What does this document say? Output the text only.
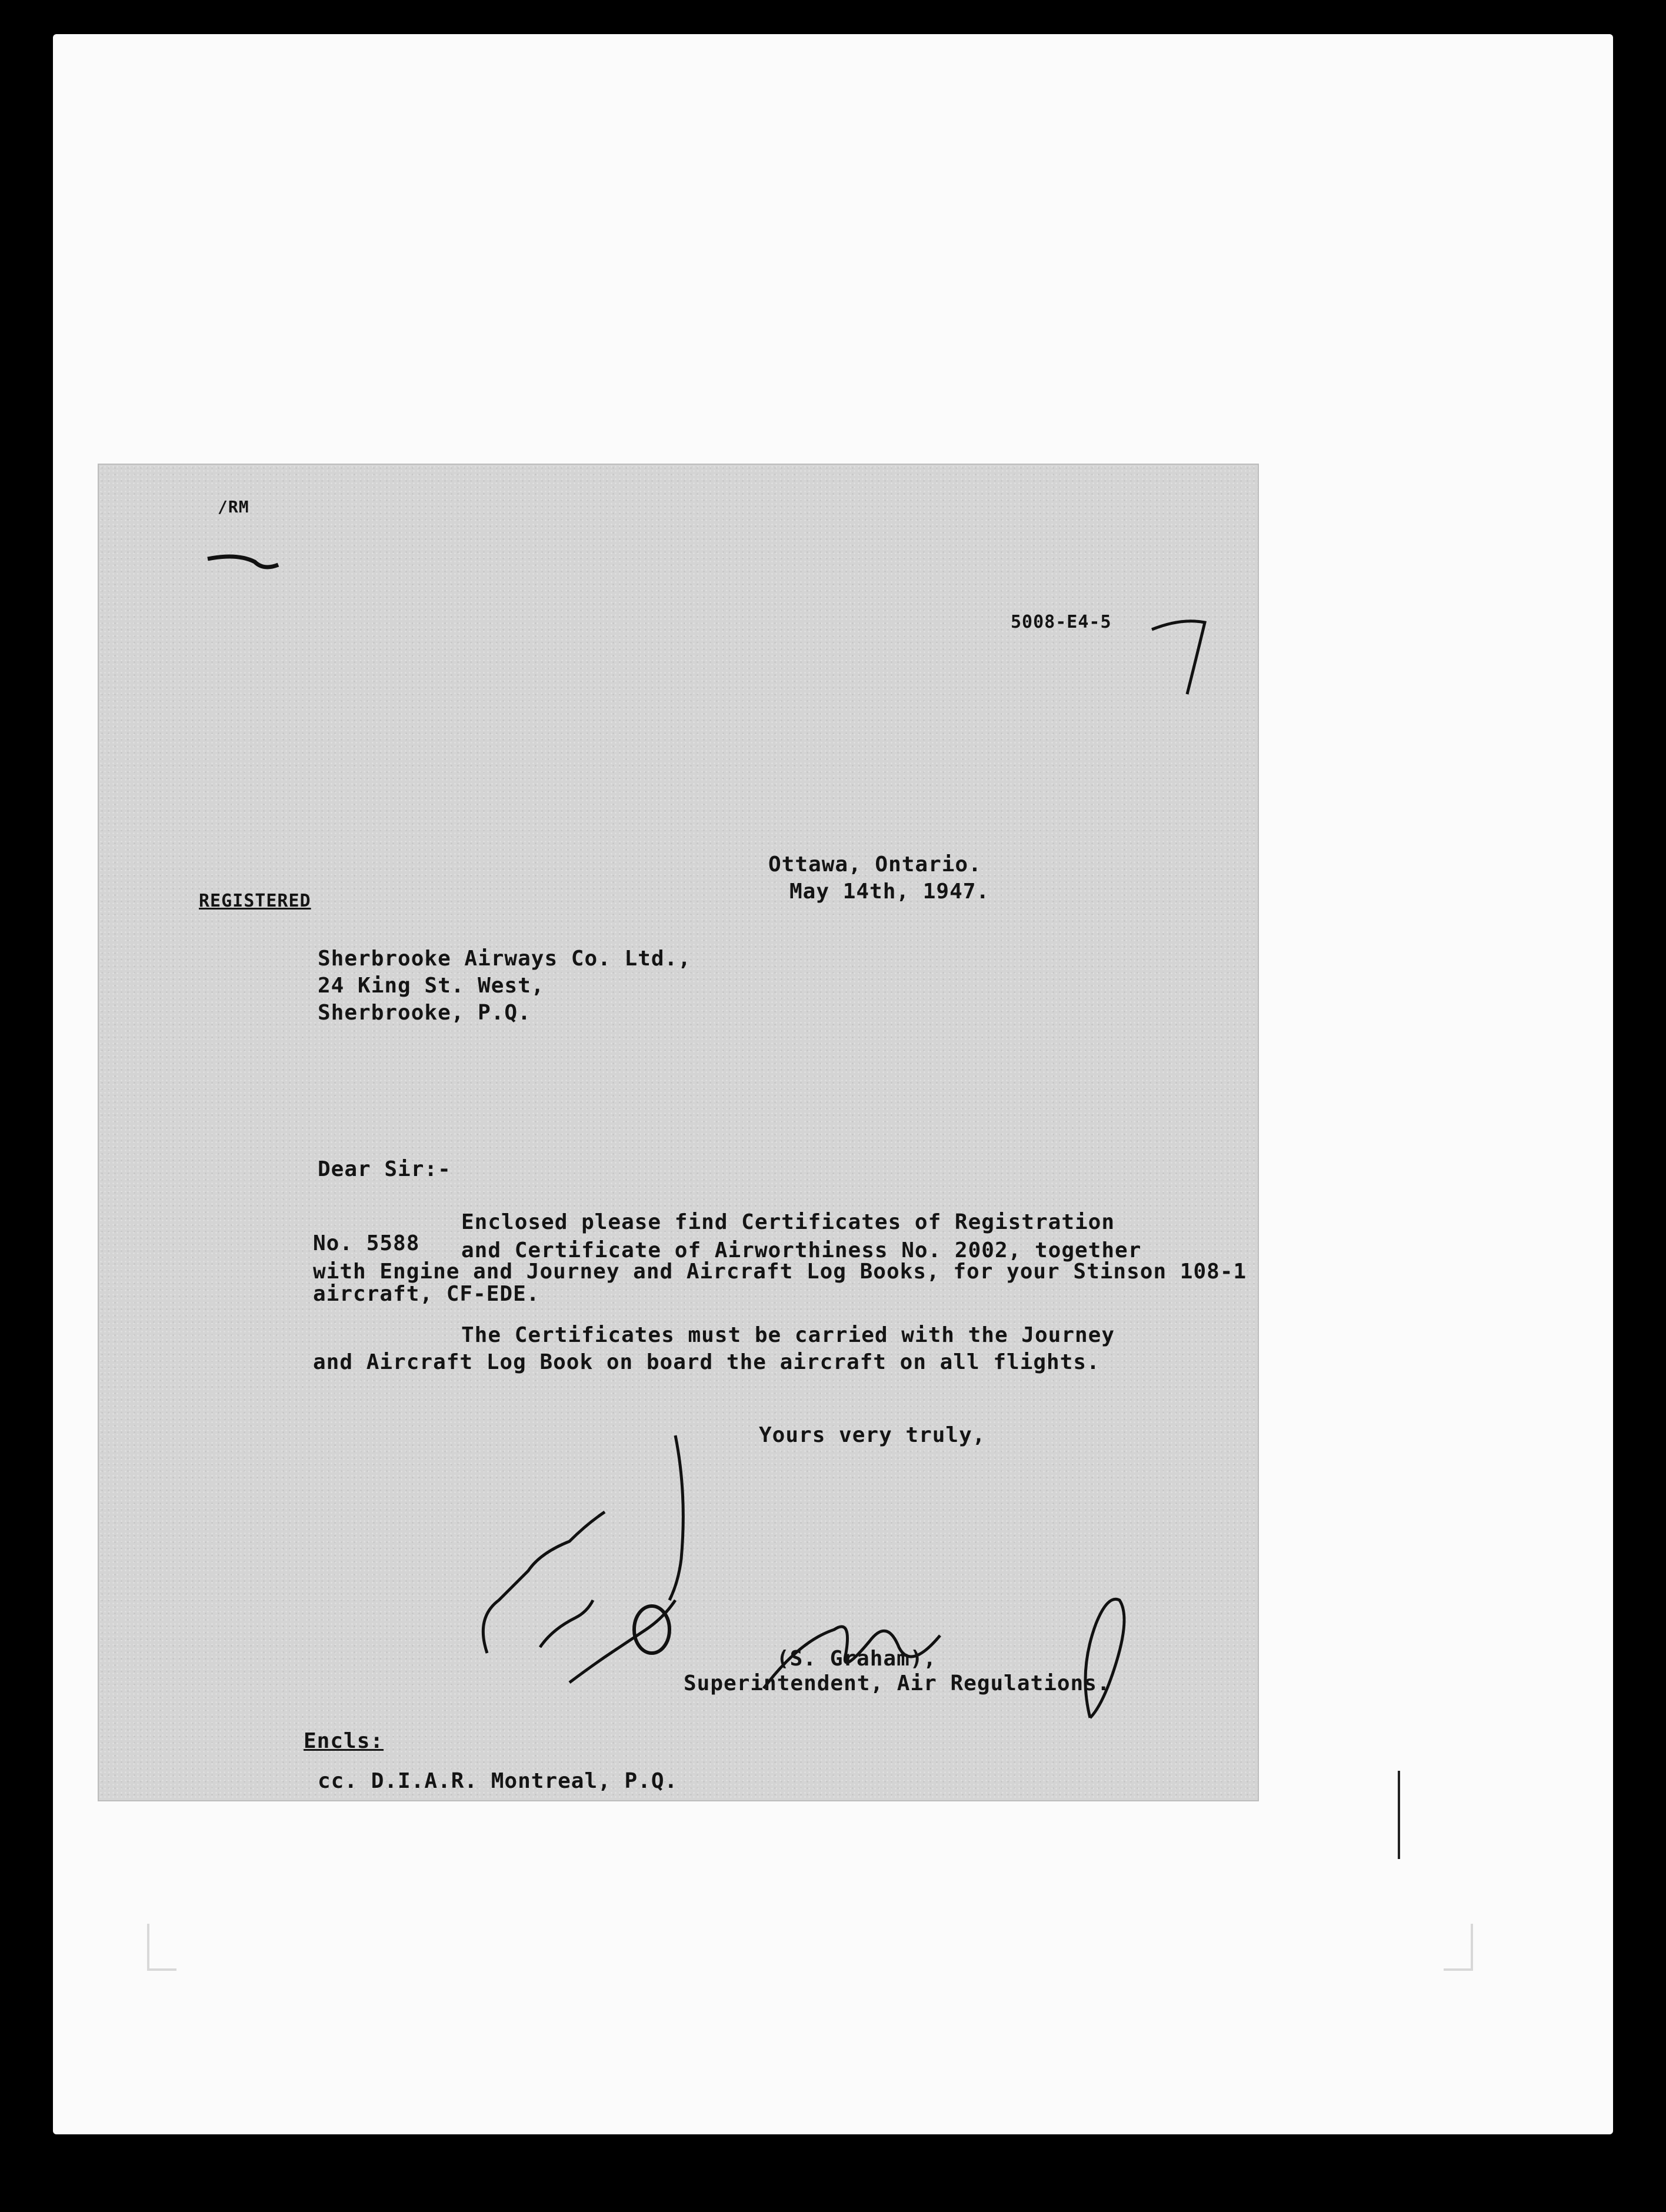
/RM
5008-E4-5
Ottawa, Ontario.
May 14th, 1947.
REGISTERED
Sherbrooke Airways Co. Ltd.,
24 King St. West,
Sherbrooke, P.Q.
Dear Sir:-
Enclosed please find Certificates of Registration
No. 5588 and Certificate of Airworthiness No. 2002, together
with Engine and Journey and Aircraft Log Books, for your Stinson 108-1
aircraft, CF-EDE.
The Certificates must be carried with the Journey
and Aircraft Log Book on board the aircraft on all flights.
Yours very truly,
(S. Graham),
Superintendent, Air Regulations.
Encls:
cc. D.I.A.R. Montreal, P.Q.
